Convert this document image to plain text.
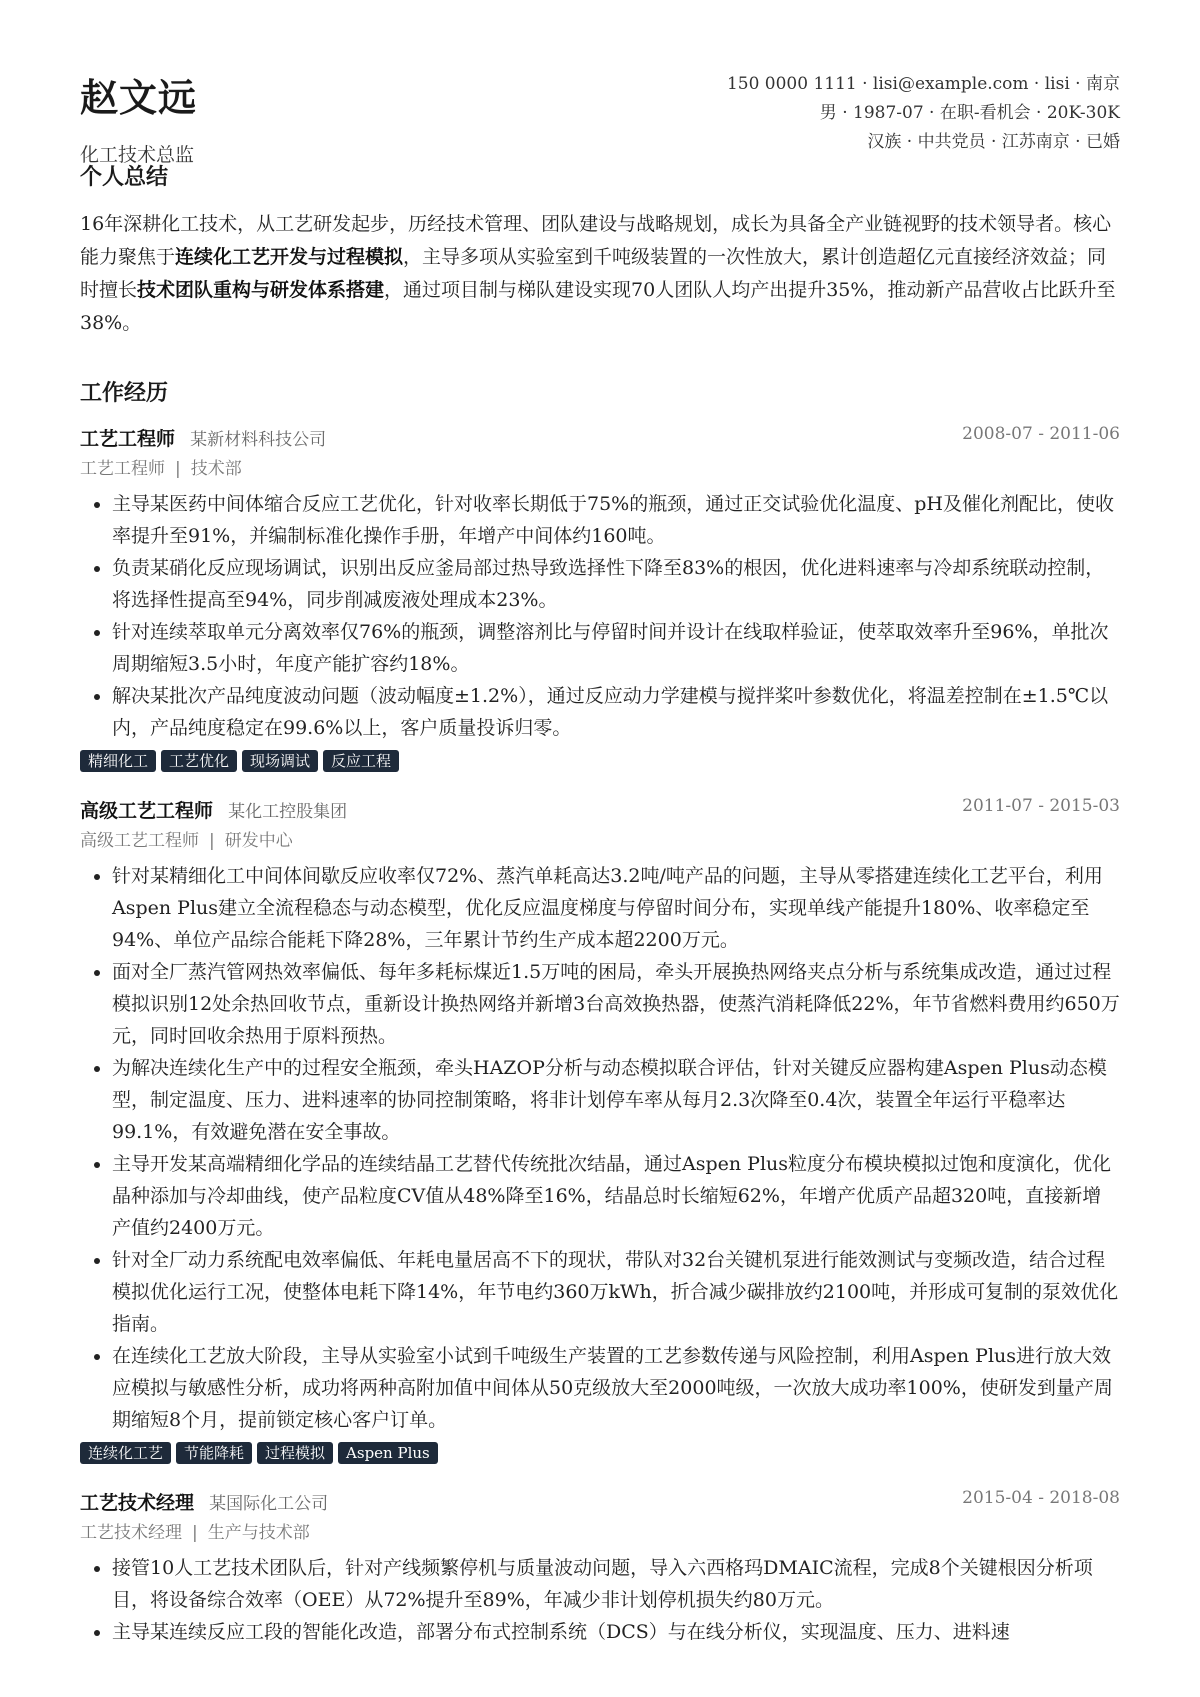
赵文远
化工技术总监
150 0000 1111 · lisi@example.com · lisi · 南京
男 · 1987-07 · 在职-看机会 · 20K-30K
汉族 · 中共党员 · 江苏南京 · 已婚
个人总结

16年深耕化工技术，从工艺研发起步，历经技术管理、团队建设与战略规划，成长为具备全产业链视野的技术领导者。核心能力聚焦于连续化工艺开发与过程模拟，主导多项从实验室到千吨级装置的一次性放大，累计创造超亿元直接经济效益；同时擅长技术团队重构与研发体系搭建，通过项目制与梯队建设实现70人团队人均产出提升35%，推动新产品营收占比跃升至38%。

工作经历
工艺工程师 某新材料科技公司	2008-07 - 2011-06
工艺工程师 | 技术部
• 主导某医药中间体缩合反应工艺优化，针对收率长期低于75%的瓶颈，通过正交试验优化温度、pH及催化剂配比，使收率提升至91%，并编制标准化操作手册，年增产中间体约160吨。
• 负责某硝化反应现场调试，识别出反应釜局部过热导致选择性下降至83%的根因，优化进料速率与冷却系统联动控制，将选择性提高至94%，同步削减废液处理成本23%。
• 针对连续萃取单元分离效率仅76%的瓶颈，调整溶剂比与停留时间并设计在线取样验证，使萃取效率升至96%，单批次周期缩短3.5小时，年度产能扩容约18%。
• 解决某批次产品纯度波动问题（波动幅度±1.2%），通过反应动力学建模与搅拌桨叶参数优化，将温差控制在±1.5℃以内，产品纯度稳定在99.6%以上，客户质量投诉归零。
精细化工 工艺优化 现场调试 反应工程
高级工艺工程师 某化工控股集团	2011-07 - 2015-03
高级工艺工程师 | 研发中心
• 针对某精细化工中间体间歇反应收率仅72%、蒸汽单耗高达3.2吨/吨产品的问题，主导从零搭建连续化工艺平台，利用Aspen Plus建立全流程稳态与动态模型，优化反应温度梯度与停留时间分布，实现单线产能提升180%、收率稳定至94%、单位产品综合能耗下降28%，三年累计节约生产成本超2200万元。
• 面对全厂蒸汽管网热效率偏低、每年多耗标煤近1.5万吨的困局，牵头开展换热网络夹点分析与系统集成改造，通过过程模拟识别12处余热回收节点，重新设计换热网络并新增3台高效换热器，使蒸汽消耗降低22%，年节省燃料费用约650万元，同时回收余热用于原料预热。
• 为解决连续化生产中的过程安全瓶颈，牵头HAZOP分析与动态模拟联合评估，针对关键反应器构建Aspen Plus动态模型，制定温度、压力、进料速率的协同控制策略，将非计划停车率从每月2.3次降至0.4次，装置全年运行平稳率达99.1%，有效避免潜在安全事故。
• 主导开发某高端精细化学品的连续结晶工艺替代传统批次结晶，通过Aspen Plus粒度分布模块模拟过饱和度演化，优化晶种添加与冷却曲线，使产品粒度CV值从48%降至16%，结晶总时长缩短62%，年增产优质产品超320吨，直接新增产值约2400万元。
• 针对全厂动力系统配电效率偏低、年耗电量居高不下的现状，带队对32台关键机泵进行能效测试与变频改造，结合过程模拟优化运行工况，使整体电耗下降14%，年节电约360万kWh，折合减少碳排放约2100吨，并形成可复制的泵效优化指南。
• 在连续化工艺放大阶段，主导从实验室小试到千吨级生产装置的工艺参数传递与风险控制，利用Aspen Plus进行放大效应模拟与敏感性分析，成功将两种高附加值中间体从50克级放大至2000吨级，一次放大成功率100%，使研发到量产周期缩短8个月，提前锁定核心客户订单。
连续化工艺 节能降耗 过程模拟 Aspen Plus
工艺技术经理 某国际化工公司	2015-04 - 2018-08
工艺技术经理 | 生产与技术部
• 接管10人工艺技术团队后，针对产线频繁停机与质量波动问题，导入六西格玛DMAIC流程，完成8个关键根因分析项目，将设备综合效率（OEE）从72%提升至89%，年减少非计划停机损失约80万元。
• 主导某连续反应工段的智能化改造，部署分布式控制系统（DCS）与在线分析仪，实现温度、压力、进料速
